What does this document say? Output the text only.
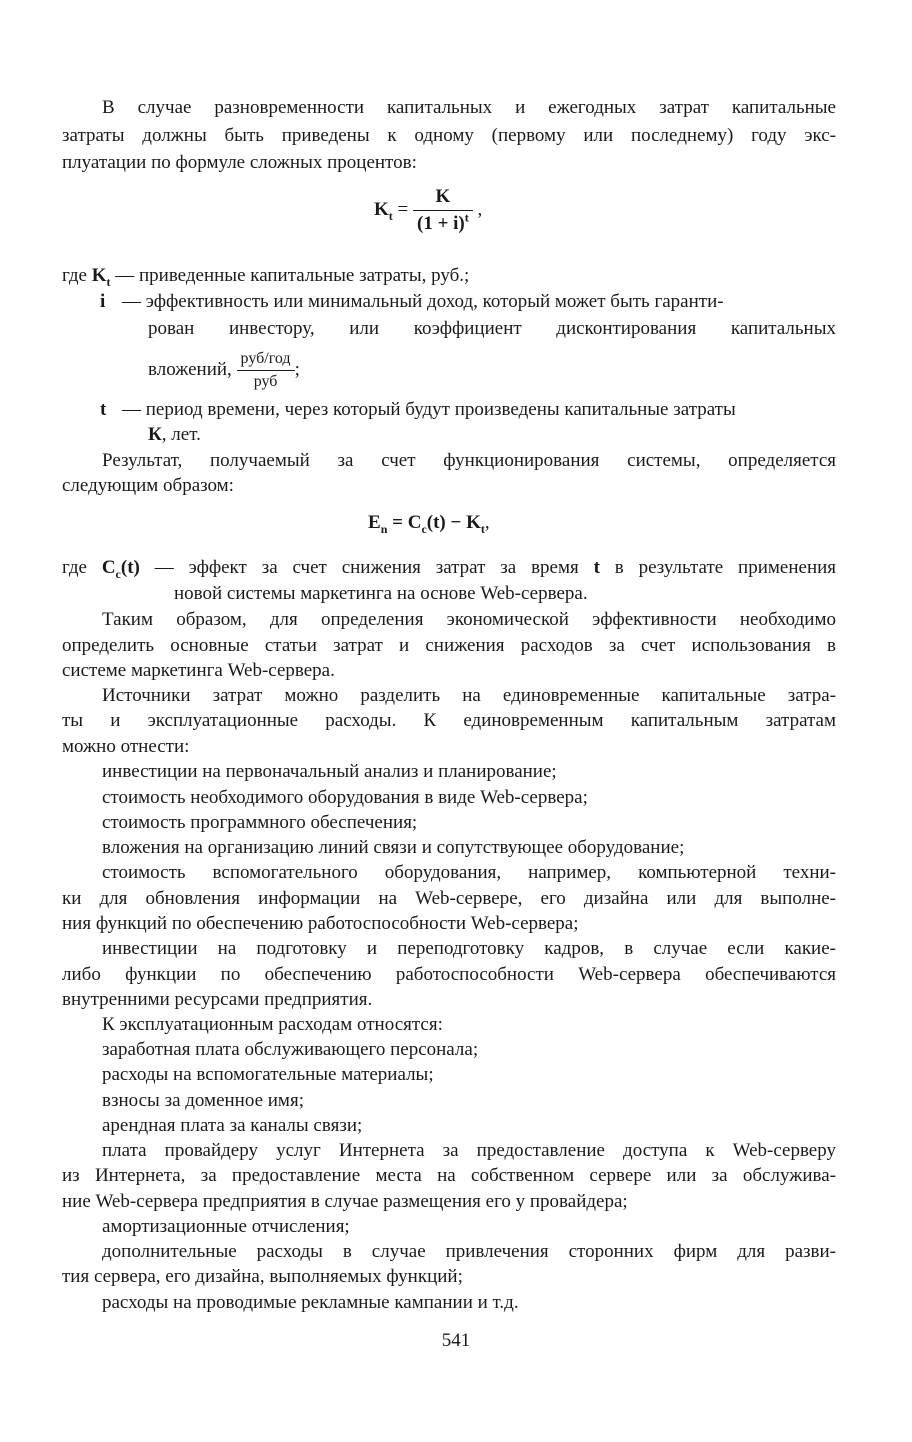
В случае разновременности капитальных и ежегодных затрат капитальные
затраты должны быть приведены к одному (первому или последнему) году экс-
плуатации по формуле сложных процентов:
$K_t = \frac{K}{(1 + i)^t}$ ,
где $K_t$ — приведенные капитальные затраты, руб.;
i — эффективность или минимальный доход, который может быть гаранти-
рован инвестору, или коэффициент дисконтирования капитальных
вложений, $\frac{\text{руб/год}}{\text{руб}}$ ;
t — период времени, через который будут произведены капитальные затраты
К, лет.
Результат, получаемый за счет функционирования системы, определяется
следующим образом:
$E_n = C_c(t) - K_t$,
где $C_c(t)$ — эффект за счет снижения затрат за время t в результате применения
новой системы маркетинга на основе Web-сервера.
Таким образом, для определения экономической эффективности необходимо
определить основные статьи затрат и снижения расходов за счет использования в
системе маркетинга Web-сервера.
Источники затрат можно разделить на единовременные капитальные затра-
ты и эксплуатационные расходы. К единовременным капитальным затратам
можно отнести:
инвестиции на первоначальный анализ и планирование;
стоимость необходимого оборудования в виде Web-сервера;
стоимость программного обеспечения;
вложения на организацию линий связи и сопутствующее оборудование;
стоимость вспомогательного оборудования, например, компьютерной техни-
ки для обновления информации на Web-сервере, его дизайна или для выполне-
ния функций по обеспечению работоспособности Web-сервера;
инвестиции на подготовку и переподготовку кадров, в случае если какие-
либо функции по обеспечению работоспособности Web-сервера обеспечиваются
внутренними ресурсами предприятия.
К эксплуатационным расходам относятся:
заработная плата обслуживающего персонала;
расходы на вспомогательные материалы;
взносы за доменное имя;
арендная плата за каналы связи;
плата провайдеру услуг Интернета за предоставление доступа к Web-серверу
из Интернета, за предоставление места на собственном сервере или за обслужива-
ние Web-сервера предприятия в случае размещения его у провайдера;
амортизационные отчисления;
дополнительные расходы в случае привлечения сторонних фирм для разви-
тия сервера, его дизайна, выполняемых функций;
расходы на проводимые рекламные кампании и т.д.
541
